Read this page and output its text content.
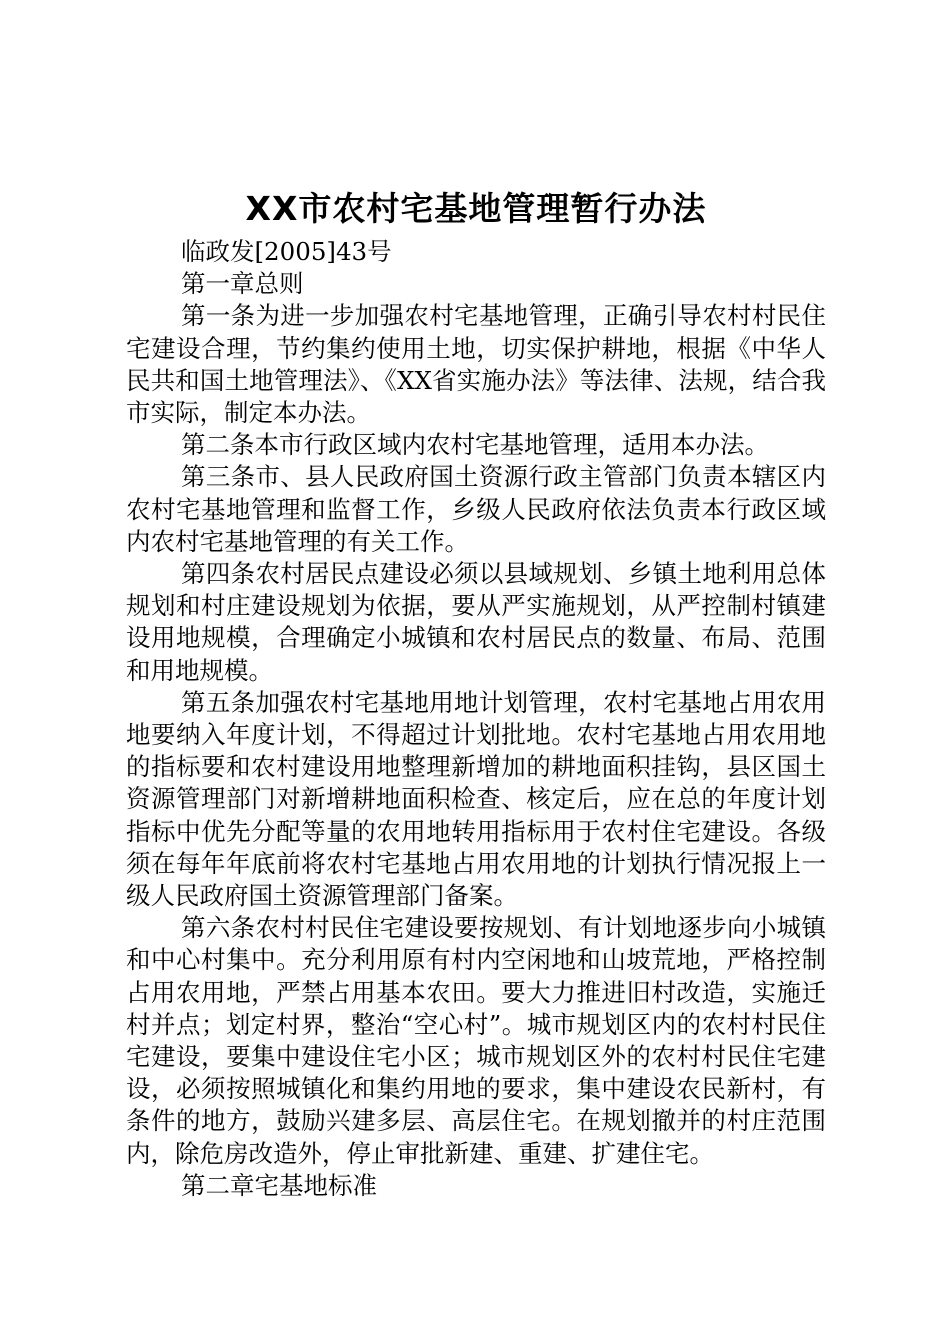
XX市农村宅基地管理暂行办法

临政发[2005]43号

第一章总则

第一条为进一步加强农村宅基地管理，正确引导农村村民住宅建设合理，节约集约使用土地，切实保护耕地，根据《中华人民共和国土地管理法》、《XX省实施办法》等法律、法规，结合我市实际，制定本办法。

第二条本市行政区域内农村宅基地管理，适用本办法。

第三条市、县人民政府国土资源行政主管部门负责本辖区内农村宅基地管理和监督工作，乡级人民政府依法负责本行政区域内农村宅基地管理的有关工作。

第四条农村居民点建设必须以县域规划、乡镇土地利用总体规划和村庄建设规划为依据，要从严实施规划，从严控制村镇建设用地规模，合理确定小城镇和农村居民点的数量、布局、范围和用地规模。

第五条加强农村宅基地用地计划管理，农村宅基地占用农用地要纳入年度计划，不得超过计划批地。农村宅基地占用农用地的指标要和农村建设用地整理新增加的耕地面积挂钩，县区国土资源管理部门对新增耕地面积检查、核定后，应在总的年度计划指标中优先分配等量的农用地转用指标用于农村住宅建设。各级须在每年年底前将农村宅基地占用农用地的计划执行情况报上一级人民政府国土资源管理部门备案。

第六条农村村民住宅建设要按规划、有计划地逐步向小城镇和中心村集中。充分利用原有村内空闲地和山坡荒地，严格控制占用农用地，严禁占用基本农田。要大力推进旧村改造，实施迁村并点；划定村界，整治“空心村”。城市规划区内的农村村民住宅建设，要集中建设住宅小区；城市规划区外的农村村民住宅建设，必须按照城镇化和集约用地的要求，集中建设农民新村，有条件的地方，鼓励兴建多层、高层住宅。在规划撤并的村庄范围内，除危房改造外，停止审批新建、重建、扩建住宅。

第二章宅基地标准
